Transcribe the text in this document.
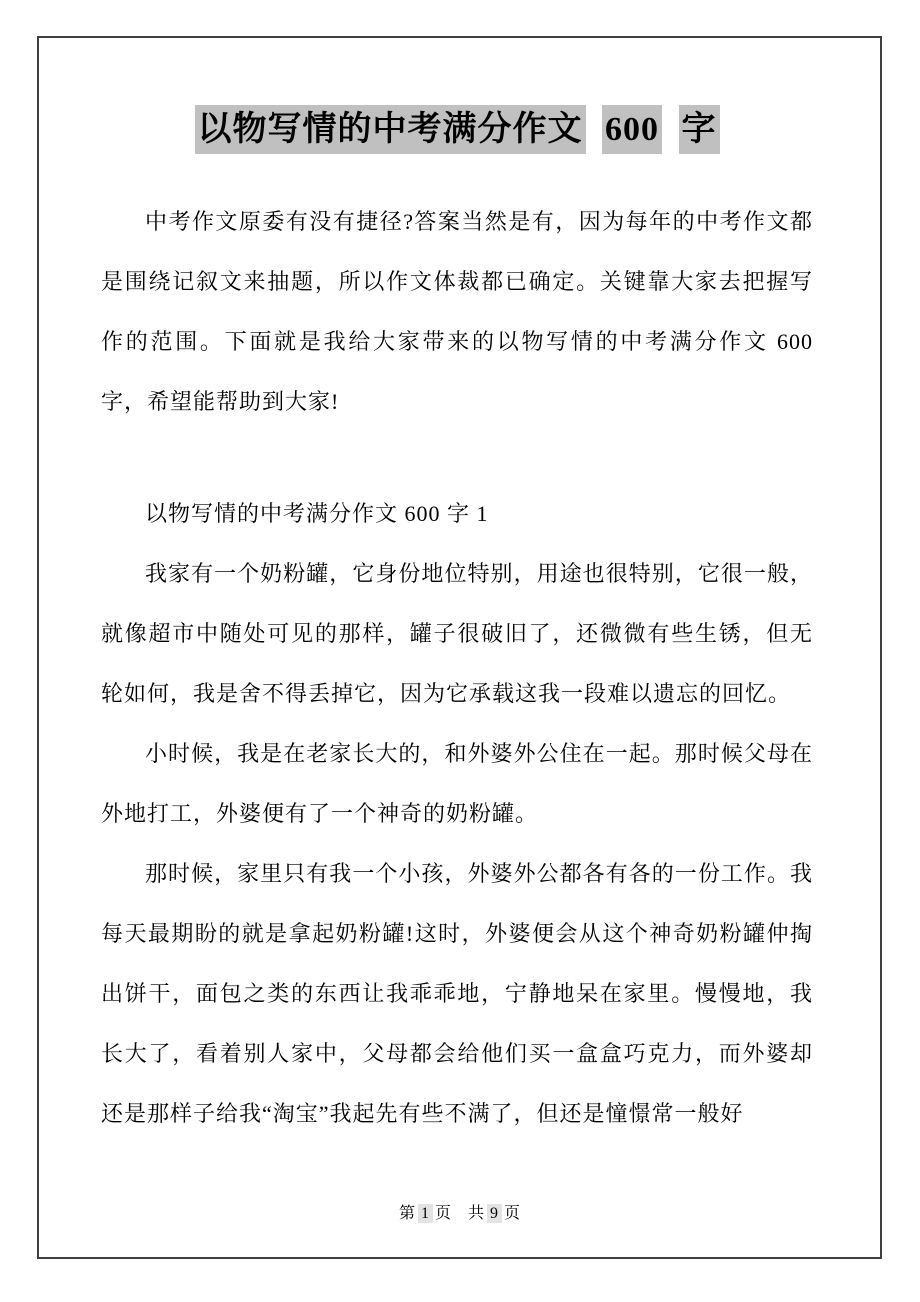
以物写情的中考满分作文 600 字

中考作文原委有没有捷径?答案当然是有，因为每年的中考作文都是围绕记叙文来抽题，所以作文体裁都已确定。关键靠大家去把握写作的范围。下面就是我给大家带来的以物写情的中考满分作文 600 字，希望能帮助到大家!

以物写情的中考满分作文 600 字 1

我家有一个奶粉罐，它身份地位特别，用途也很特别，它很一般，就像超市中随处可见的那样，罐子很破旧了，还微微有些生锈，但无轮如何，我是舍不得丢掉它，因为它承载这我一段难以遗忘的回忆。

小时候，我是在老家长大的，和外婆外公住在一起。那时候父母在外地打工，外婆便有了一个神奇的奶粉罐。

那时候，家里只有我一个小孩，外婆外公都各有各的一份工作。我每天最期盼的就是拿起奶粉罐!这时，外婆便会从这个神奇奶粉罐仲掏出饼干，面包之类的东西让我乖乖地，宁静地呆在家里。慢慢地，我长大了，看着别人家中，父母都会给他们买一盒盒巧克力，而外婆却还是那样子给我“淘宝”我起先有些不满了，但还是憧憬常一般好

第 1 页 共 9 页
